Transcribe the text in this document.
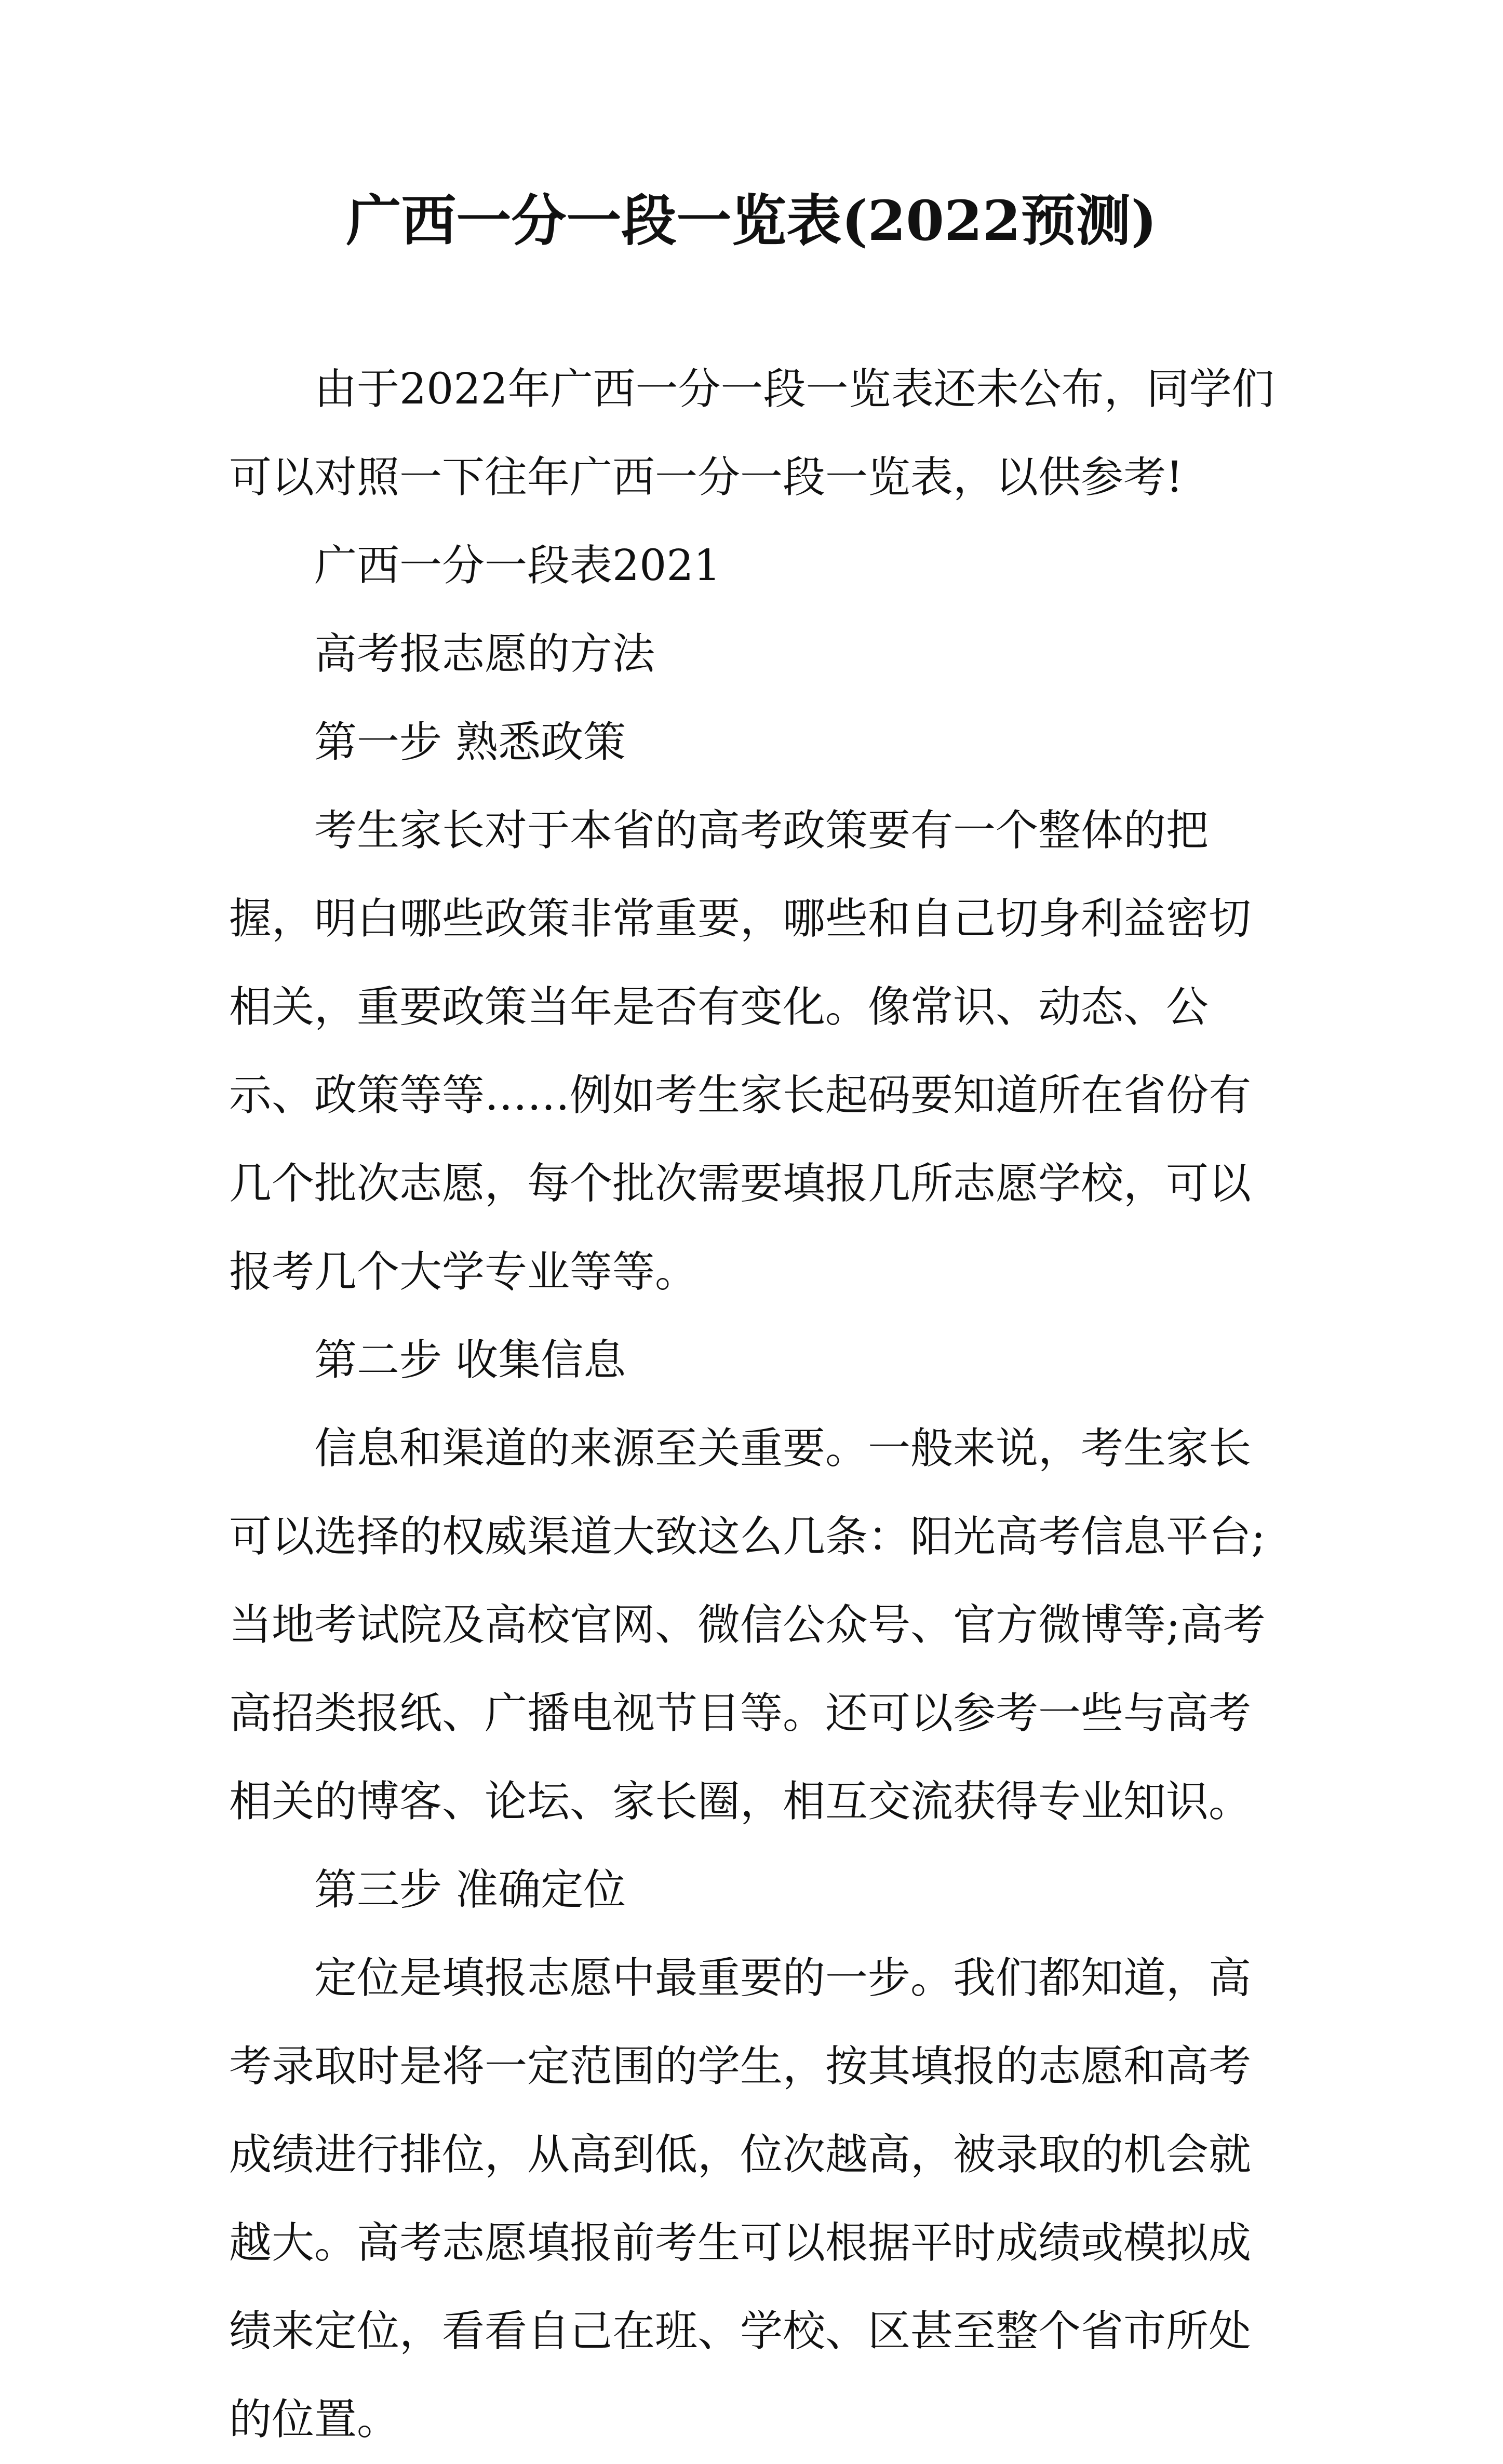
广西一分一段一览表(2022预测)

由于2022年广西一分一段一览表还未公布，同学们可以对照一下往年广西一分一段一览表，以供参考!

广西一分一段表2021

高考报志愿的方法

第一步 熟悉政策

考生家长对于本省的高考政策要有一个整体的把握，明白哪些政策非常重要，哪些和自己切身利益密切相关，重要政策当年是否有变化。像常识、动态、公示、政策等等……例如考生家长起码要知道所在省份有几个批次志愿，每个批次需要填报几所志愿学校，可以报考几个大学专业等等。

第二步 收集信息

信息和渠道的来源至关重要。一般来说，考生家长可以选择的权威渠道大致这么几条：阳光高考信息平台;当地考试院及高校官网、微信公众号、官方微博等;高考高招类报纸、广播电视节目等。还可以参考一些与高考相关的博客、论坛、家长圈，相互交流获得专业知识。

第三步 准确定位

定位是填报志愿中最重要的一步。我们都知道，高考录取时是将一定范围的学生，按其填报的志愿和高考成绩进行排位，从高到低，位次越高，被录取的机会就越大。高考志愿填报前考生可以根据平时成绩或模拟成绩来定位，看看自己在班、学校、区甚至整个省市所处的位置。
